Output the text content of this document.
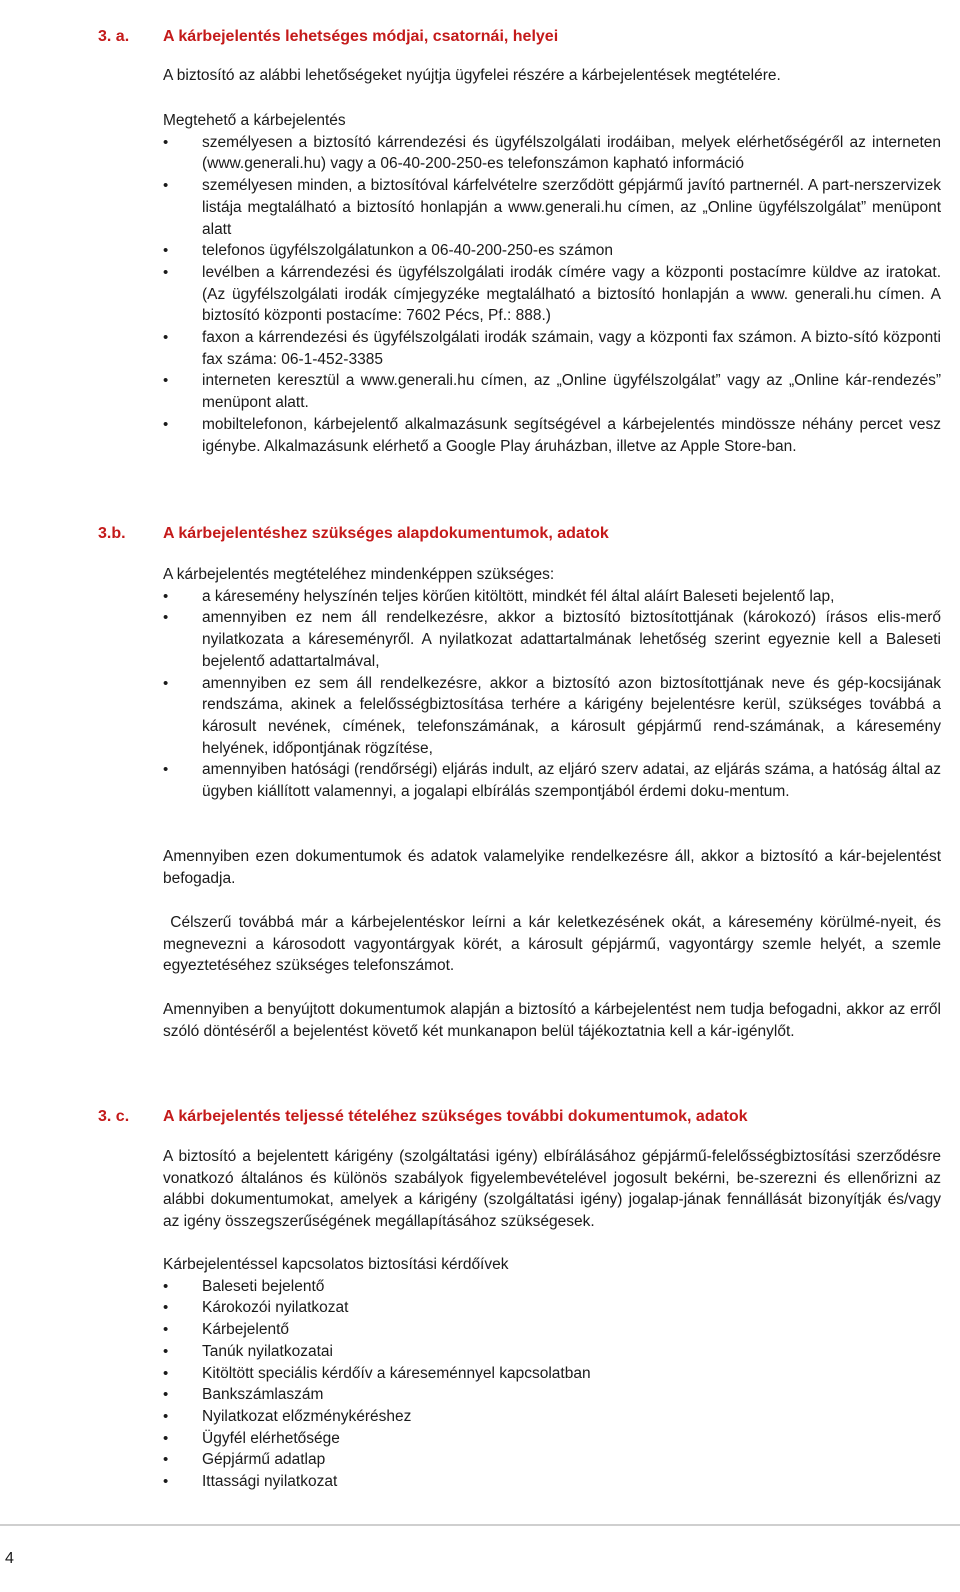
3. a. A kárbejelentés lehetséges módjai, csatornái, helyei

A biztosító az alábbi lehetőségeket nyújtja ügyfelei részére a kárbejelentések megtételére.

Megtehető a kárbejelentés

• személyesen a biztosító kárrendezési és ügyfélszolgálati irodáiban, melyek elérhetőségéről az interneten (www.generali.hu) vagy a 06-40-200-250-es telefonszámon kapható információ
• személyesen minden, a biztosítóval kárfelvételre szerződött gépjármű javító partnernél. A part-nerszervizek listája megtalálható a biztosító honlapján a www.generali.hu címen, az „Online ügyfélszolgálat” menüpont alatt
• telefonos ügyfélszolgálatunkon a 06-40-200-250-es számon
• levélben a kárrendezési és ügyfélszolgálati irodák címére vagy a központi postacímre küldve az iratokat. (Az ügyfélszolgálati irodák címjegyzéke megtalálható a biztosító honlapján a www. generali.hu címen. A biztosító központi postacíme: 7602 Pécs, Pf.: 888.)
• faxon a kárrendezési és ügyfélszolgálati irodák számain, vagy a központi fax számon. A bizto-sító központi fax száma: 06-1-452-3385
• interneten keresztül a www.generali.hu címen, az „Online ügyfélszolgálat” vagy az „Online kár-rendezés” menüpont alatt.
• mobiltelefonon, kárbejelentő alkalmazásunk segítségével a kárbejelentés mindössze néhány percet vesz igénybe. Alkalmazásunk elérhető a Google Play áruházban, illetve az Apple Store-ban.
3.b. A kárbejelentéshez szükséges alapdokumentumok, adatok

A kárbejelentés megtételéhez mindenképpen szükséges:

• a káresemény helyszínén teljes körűen kitöltött, mindkét fél által aláírt Baleseti bejelentő lap,
• amennyiben ez nem áll rendelkezésre, akkor a biztosító biztosítottjának (károkozó) írásos elis-merő nyilatkozata a káreseményről. A nyilatkozat adattartalmának lehetőség szerint egyeznie kell a Baleseti bejelentő adattartalmával,
• amennyiben ez sem áll rendelkezésre, akkor a biztosító azon biztosítottjának neve és gép-kocsijának rendszáma, akinek a felelősségbiztosítása terhére a kárigény bejelentésre kerül, szükséges továbbá a károsult nevének, címének, telefonszámának, a károsult gépjármű rend-számának, a káresemény helyének, időpontjának rögzítése,
• amennyiben hatósági (rendőrségi) eljárás indult, az eljáró szerv adatai, az eljárás száma, a hatóság által az ügyben kiállított valamennyi, a jogalapi elbírálás szempontjából érdemi doku-mentum.

Amennyiben ezen dokumentumok és adatok valamelyike rendelkezésre áll, akkor a biztosító a kár-bejelentést befogadja.

Célszerű továbbá már a kárbejelentéskor leírni a kár keletkezésének okát, a káresemény körülmé-nyeit, és megnevezni a károsodott vagyontárgyak körét, a károsult gépjármű, vagyontárgy szemle helyét, a szemle egyeztetéséhez szükséges telefonszámot.

Amennyiben a benyújtott dokumentumok alapján a biztosító a kárbejelentést nem tudja befogadni, akkor az erről szóló döntéséről a bejelentést követő két munkanapon belül tájékoztatnia kell a kár-igénylőt.

3. c. A kárbejelentés teljessé tételéhez szükséges további dokumentumok, adatok

A biztosító a bejelentett kárigény (szolgáltatási igény) elbírálásához gépjármű-felelősségbiztosítási szerződésre vonatkozó általános és különös szabályok figyelembevételével jogosult bekérni, be-szerezni és ellenőrizni az alábbi dokumentumokat, amelyek a kárigény (szolgáltatási igény) jogalap-jának fennállását bizonyítják és/vagy az igény összegszerűségének megállapításához szükségesek.

Kárbejelentéssel kapcsolatos biztosítási kérdőívek

• Baleseti bejelentő
• Károkozói nyilatkozat
• Kárbejelentő
• Tanúk nyilatkozatai
• Kitöltött speciális kérdőív a káreseménnyel kapcsolatban
• Bankszámlaszám
• Nyilatkozat előzménykéréshez
• Ügyfél elérhetősége
• Gépjármű adatlap
• Ittassági nyilatkozat
4
